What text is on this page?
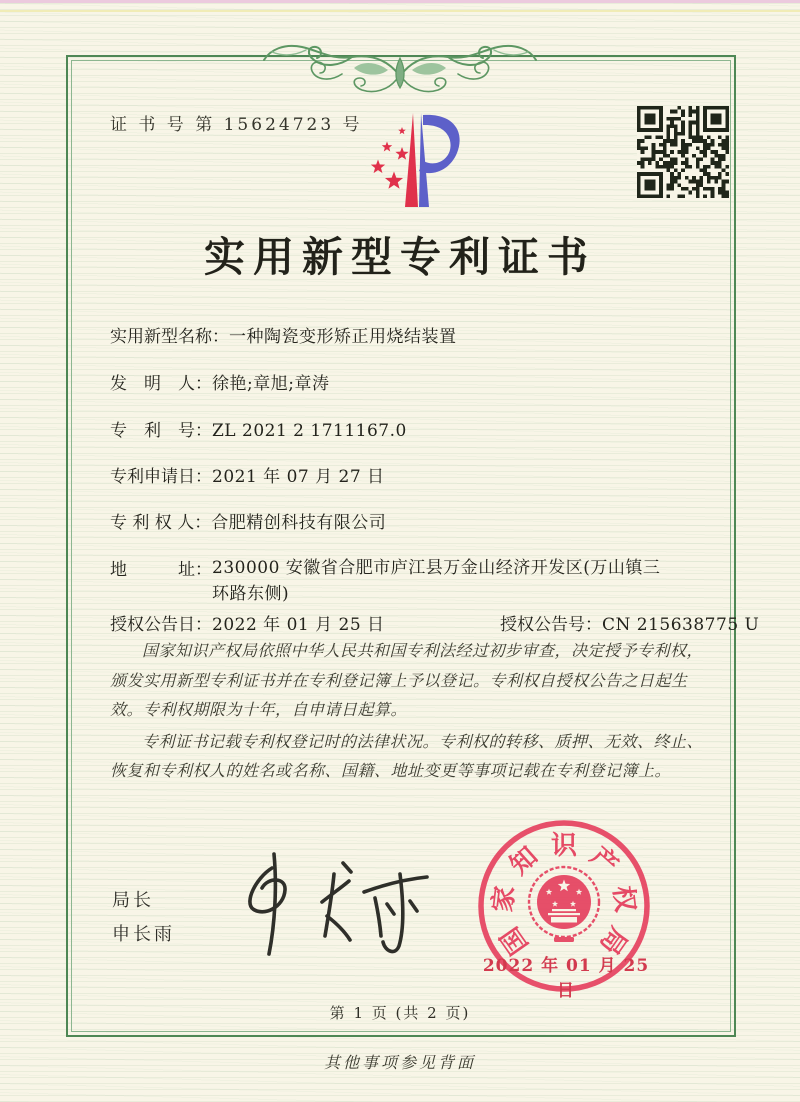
证 书 号 第 15624723 号
实用新型专利证书
实用新型名称：一种陶瓷变形矫正用烧结装置
发　明　人：徐艳;章旭;章涛
专　利　号：ZL 2021 2 1711167.0
专利申请日：2021 年 07 月 27 日
专 利 权 人：合肥精创科技有限公司
地　　　址：230000 安徽省合肥市庐江县万金山经济开发区(万山镇三环路东侧)
授权公告日：2022 年 01 月 25 日	授权公告号：CN 215638775 U

国家知识产权局依照中华人民共和国专利法经过初步审查，决定授予专利权，颁发实用新型专利证书并在专利登记簿上予以登记。专利权自授权公告之日起生效。专利权期限为十年，自申请日起算。

专利证书记载专利权登记时的法律状况。专利权的转移、质押、无效、终止、恢复和专利权人的姓名或名称、国籍、地址变更等事项记载在专利登记簿上。

局长
申长雨	国
家
知 识 产
权
局
2022 年 01 月 25 日
第 1 页 (共 2 页)
其他事项参见背面
